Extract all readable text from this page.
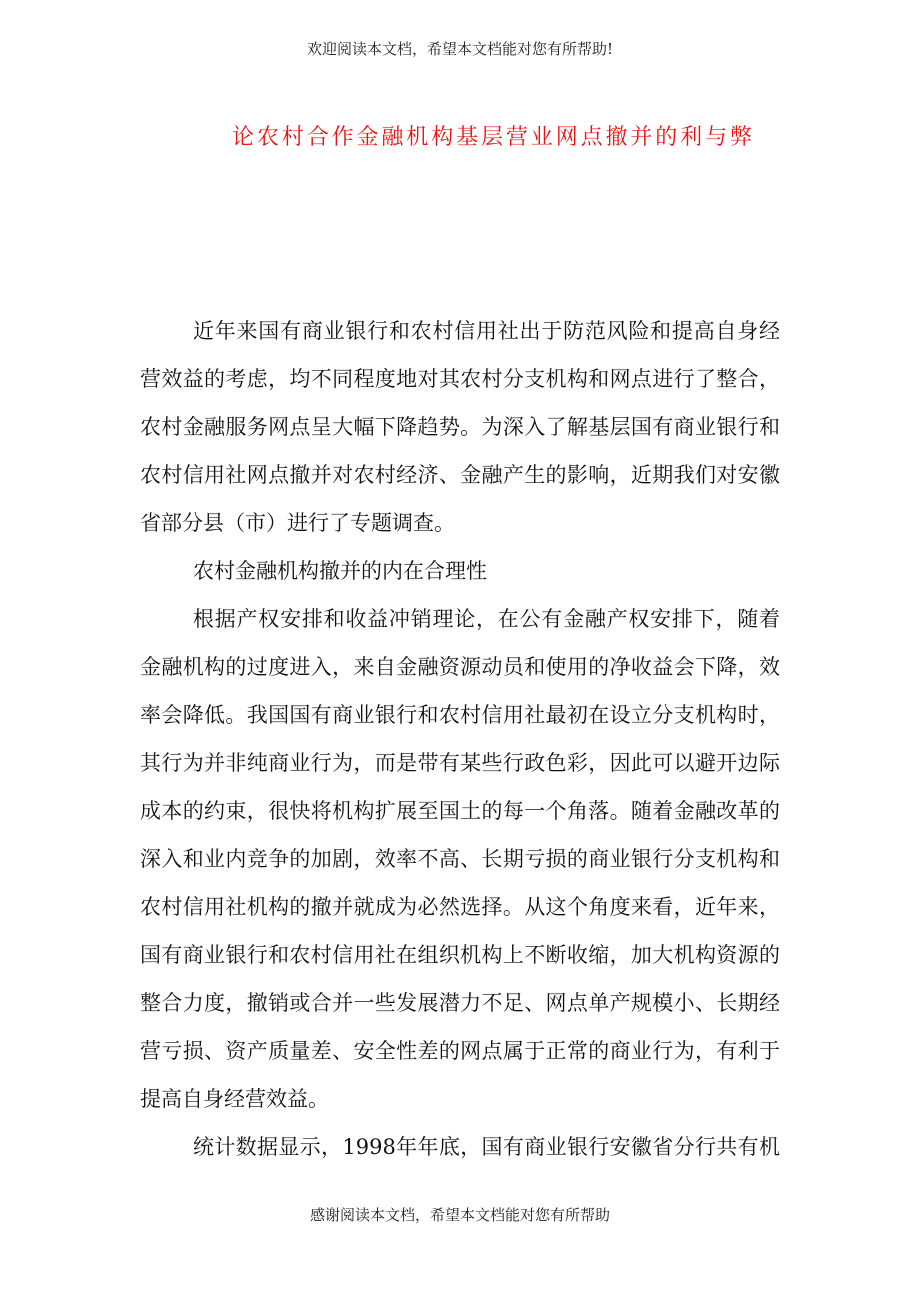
欢迎阅读本文档，希望本文档能对您有所帮助!
论农村合作金融机构基层营业网点撤并的利与弊
近年来国有商业银行和农村信用社出于防范风险和提高自身经
营效益的考虑，均不同程度地对其农村分支机构和网点进行了整合，
农村金融服务网点呈大幅下降趋势。为深入了解基层国有商业银行和
农村信用社网点撤并对农村经济、金融产生的影响，近期我们对安徽
省部分县（市）进行了专题调查。
农村金融机构撤并的内在合理性
根据产权安排和收益冲销理论，在公有金融产权安排下，随着
金融机构的过度进入，来自金融资源动员和使用的净收益会下降，效
率会降低。我国国有商业银行和农村信用社最初在设立分支机构时，
其行为并非纯商业行为，而是带有某些行政色彩，因此可以避开边际
成本的约束，很快将机构扩展至国土的每一个角落。随着金融改革的
深入和业内竞争的加剧，效率不高、长期亏损的商业银行分支机构和
农村信用社机构的撤并就成为必然选择。从这个角度来看，近年来，
国有商业银行和农村信用社在组织机构上不断收缩，加大机构资源的
整合力度，撤销或合并一些发展潜力不足、网点单产规模小、长期经
营亏损、资产质量差、安全性差的网点属于正常的商业行为，有利于
提高自身经营效益。
统计数据显示，1998年年底，国有商业银行安徽省分行共有机
感谢阅读本文档，希望本文档能对您有所帮助
